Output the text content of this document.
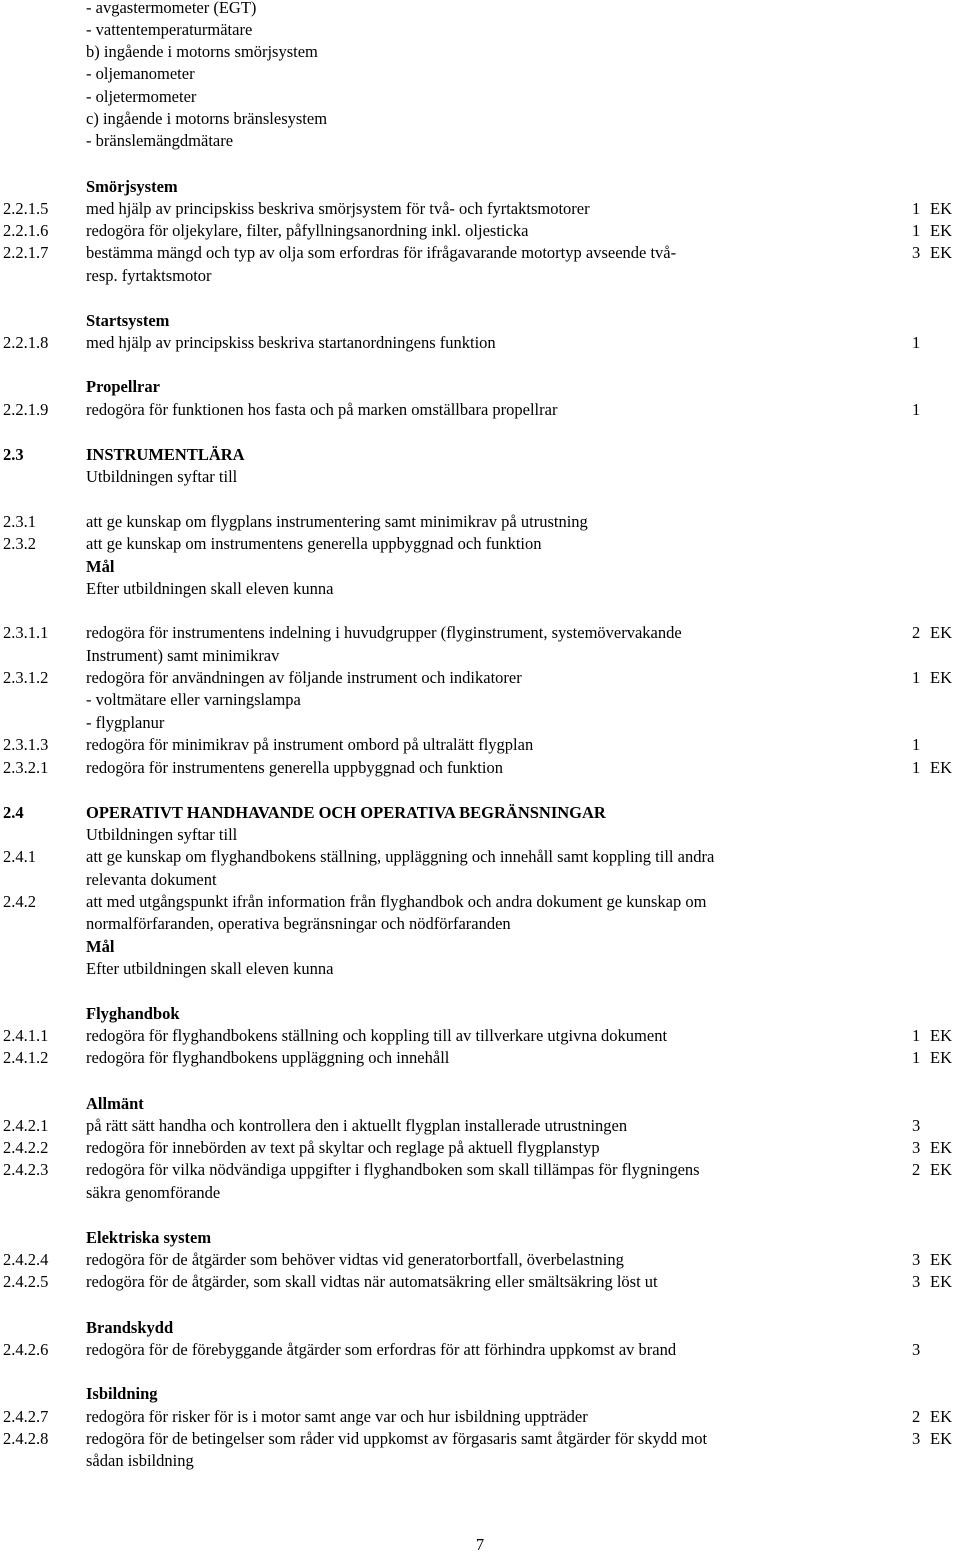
- avgastermometer (EGT)
- vattentemperaturmätare
b) ingående i motorns smörjsystem
- oljemanometer
- oljetermometer
c) ingående i motorns bränslesystem
- bränslemängdmätare
Smörjsystem
2.2.1.5 med hjälp av principskiss beskriva smörjsystem för två- och fyrtaktsmotorer	1 EK
2.2.1.6 redogöra för oljekylare, filter, påfyllningsanordning inkl. oljesticka	1 EK
2.2.1.7 bestämma mängd och typ av olja som erfordras för ifrågavarande motortyp avseende två-	3 EK
resp. fyrtaktsmotor
Startsystem
2.2.1.8 med hjälp av principskiss beskriva startanordningens funktion	1
Propellrar
2.2.1.9 redogöra för funktionen hos fasta och på marken omställbara propellrar	1
2.3	INSTRUMENTLÄRA
Utbildningen syftar till
2.3.1	att ge kunskap om flygplans instrumentering samt minimikrav på utrustning
2.3.2	att ge kunskap om instrumentens generella uppbyggnad och funktion
Mål
Efter utbildningen skall eleven kunna
2.3.1.1 redogöra för instrumentens indelning i huvudgrupper (flyginstrument, systemövervakande	2 EK
Instrument) samt minimikrav
2.3.1.2 redogöra för användningen av följande instrument och indikatorer	1 EK
- voltmätare eller varningslampa
- flygplanur
2.3.1.3 redogöra för minimikrav på instrument ombord på ultralätt flygplan	1
2.3.2.1 redogöra för instrumentens generella uppbyggnad och funktion	1 EK
2.4	OPERATIVT HANDHAVANDE OCH OPERATIVA BEGRÄNSNINGAR
Utbildningen syftar till
2.4.1	att ge kunskap om flyghandbokens ställning, uppläggning och innehåll samt koppling till andra
relevanta dokument
2.4.2	att med utgångspunkt ifrån information från flyghandbok och andra dokument ge kunskap om
normalförfaranden, operativa begränsningar och nödförfaranden
Mål
Efter utbildningen skall eleven kunna
Flyghandbok
2.4.1.1 redogöra för flyghandbokens ställning och koppling till av tillverkare utgivna dokument	1 EK
2.4.1.2 redogöra för flyghandbokens uppläggning och innehåll	1 EK
Allmänt
2.4.2.1 på rätt sätt handha och kontrollera den i aktuellt flygplan installerade utrustningen	3
2.4.2.2 redogöra för innebörden av text på skyltar och reglage på aktuell flygplanstyp	3 EK
2.4.2.3 redogöra för vilka nödvändiga uppgifter i flyghandboken som skall tillämpas för flygningens	2 EK
säkra genomförande
Elektriska system
2.4.2.4 redogöra för de åtgärder som behöver vidtas vid generatorbortfall, överbelastning	3 EK
2.4.2.5 redogöra för de åtgärder, som skall vidtas när automatsäkring eller smältsäkring löst ut	3 EK
Brandskydd
2.4.2.6 redogöra för de förebyggande åtgärder som erfordras för att förhindra uppkomst av brand	3
Isbildning
2.4.2.7 redogöra för risker för is i motor samt ange var och hur isbildning uppträder	2 EK
2.4.2.8 redogöra för de betingelser som råder vid uppkomst av förgasaris samt åtgärder för skydd mot	3 EK
sådan isbildning
7
